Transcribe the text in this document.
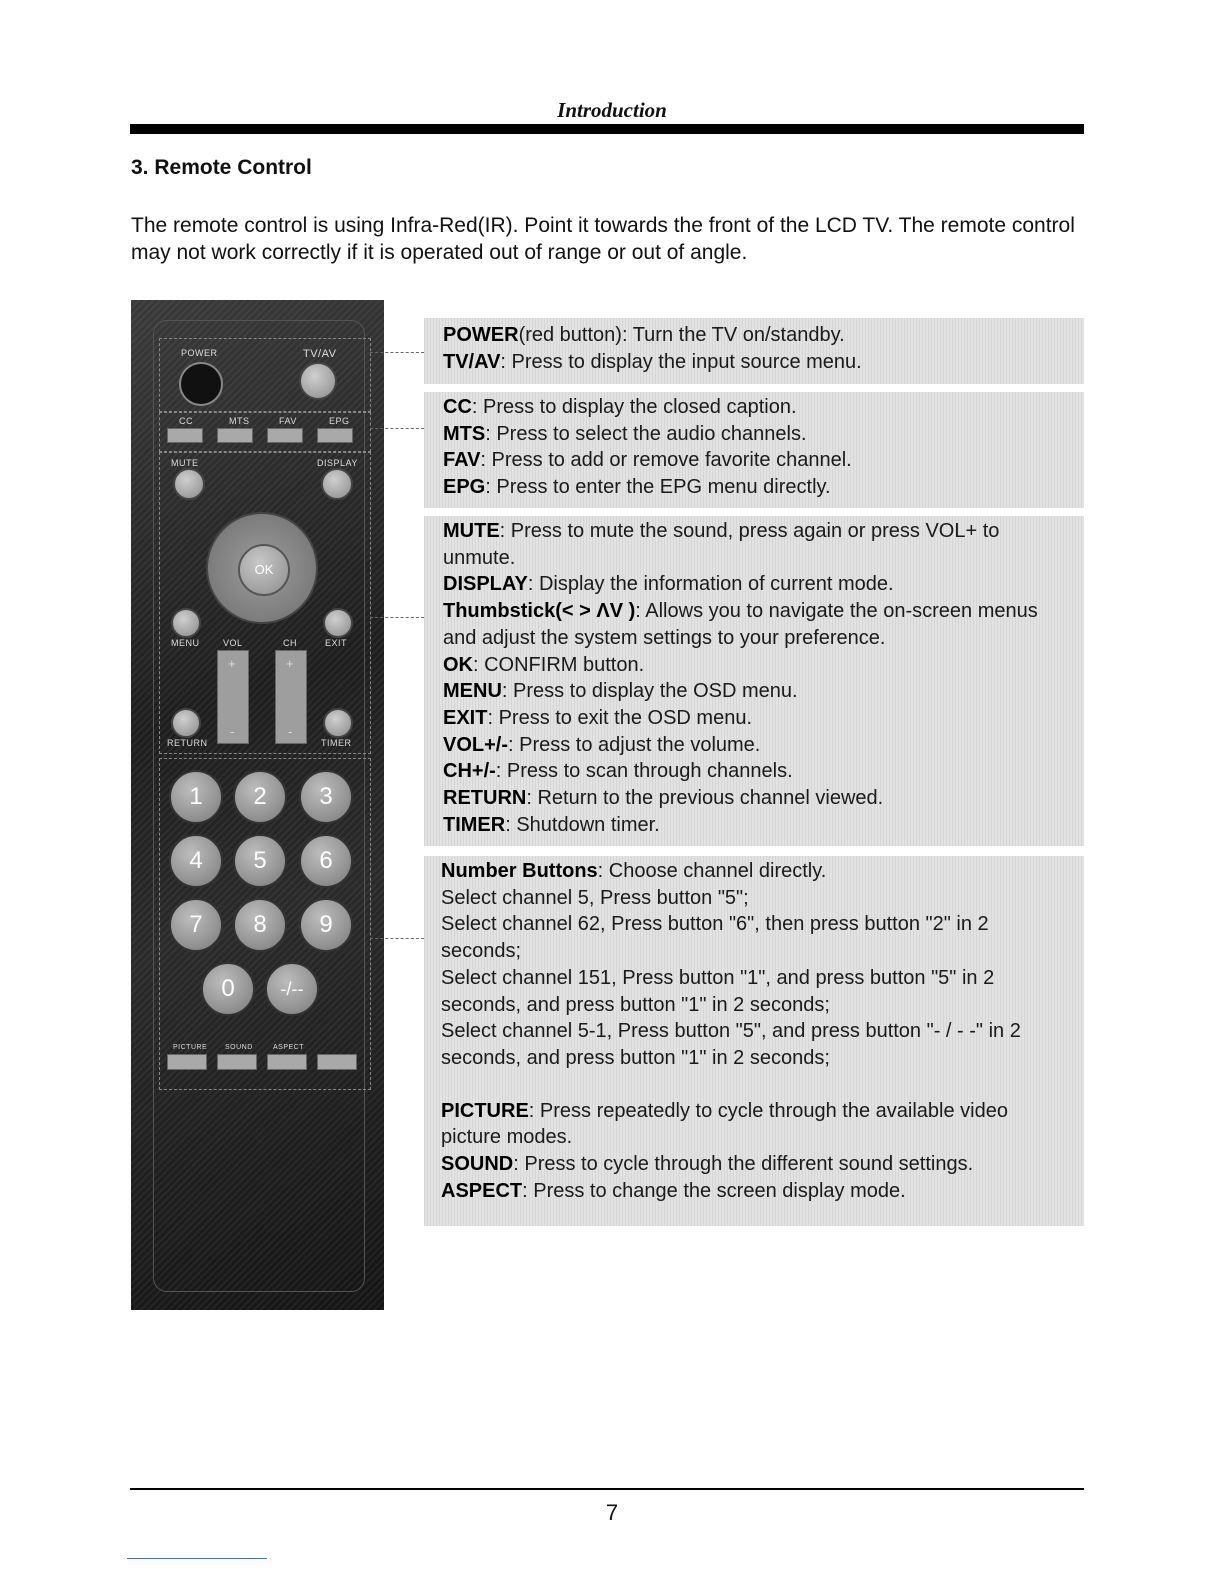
Introduction
3. Remote Control
The remote control is using Infra-Red(IR). Point it towards the front of the LCD TV. The remote control may not work correctly if it is operated out of range or out of angle.
POWER	TV/AV
CC	MTS	FAV	EPG
MUTE	DISPLAY
OK
MENU	VOL	CH	EXIT
+
-
+
-
RETURN	TIMER
1	2	3
4	5	6
7	8	9
0	-/--
PICTURE	SOUND	ASPECT

POWER(red button): Turn the TV on/standby.

TV/AV: Press to display the input source menu.

CC: Press to display the closed caption.

MTS: Press to select the audio channels.

FAV: Press to add or remove favorite channel.

EPG: Press to enter the EPG menu directly.

MUTE: Press to mute the sound, press again or press VOL+ to unmute.

DISPLAY: Display the information of current mode.

Thumbstick(< > ΛV ): Allows you to navigate the on-screen menus and adjust the system settings to your preference.

OK: CONFIRM button.

MENU: Press to display the OSD menu.

EXIT: Press to exit the OSD menu.

VOL+/-: Press to adjust the volume.

CH+/-: Press to scan through channels.

RETURN: Return to the previous channel viewed.

TIMER: Shutdown timer.

Number Buttons: Choose channel directly.

Select channel 5, Press button "5";

Select channel 62, Press button "6", then press button "2" in 2 seconds;

Select channel 151, Press button "1", and press button "5" in 2 seconds, and press button "1" in 2 seconds;

Select channel 5-1, Press button "5", and press button "- / - -" in 2 seconds, and press button "1" in 2 seconds;

PICTURE: Press repeatedly to cycle through the available video picture modes.

SOUND: Press to cycle through the different sound settings.

ASPECT: Press to change the screen display mode.

7
